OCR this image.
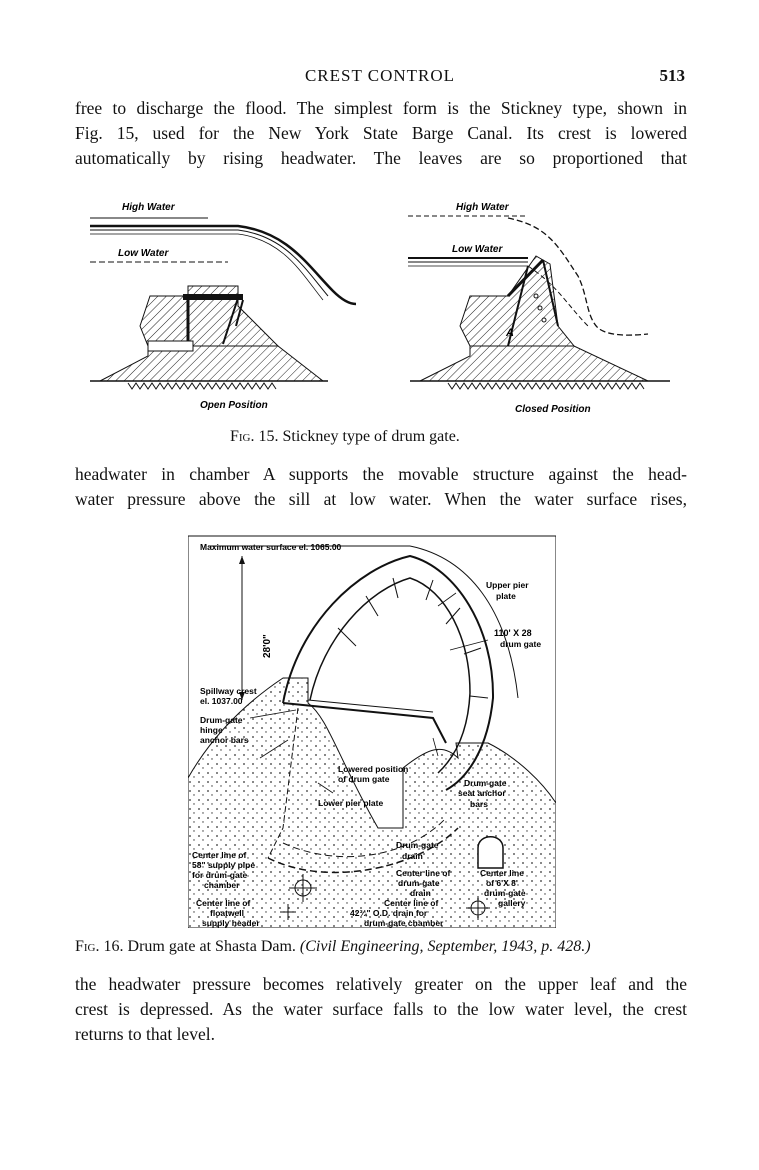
CREST CONTROL	513
free to discharge the flood. The simplest form is the Stickney type, shown in
Fig. 15, used for the New York State Barge Canal. Its crest is lowered
automatically by rising headwater. The leaves are so proportioned that
High Water
Low Water
Open Position
High Water
Low Water
A
Closed Position
Fig. 15. Stickney type of drum gate.
headwater in chamber A supports the movable structure against the head-
water pressure above the sill at low water. When the water surface rises,
Maximum water surface el. 1065.00
28'0"
Upper pier
plate
110' X 28
drum gate
Spillway crest
el. 1037.00
Drum-gate
hinge
anchor bars
Lowered position
of drum gate
Lower pier plate
Drum-gate
seat anchor
bars
Drum-gate
drain
Center line of
58" supply pipe
for drum-gate
chamber
Center line of
drum-gate
drain
Center line
of 6'X 8'
drum-gate
gallery
Center line of
floatwell
supply header
Center line of
42¾" O.D. drain for
drum-gate chamber
Fig. 16. Drum gate at Shasta Dam. (Civil Engineering, September, 1943, p. 428.)
the headwater pressure becomes relatively greater on the upper leaf and the
crest is depressed. As the water surface falls to the low water level, the crest
returns to that level.
